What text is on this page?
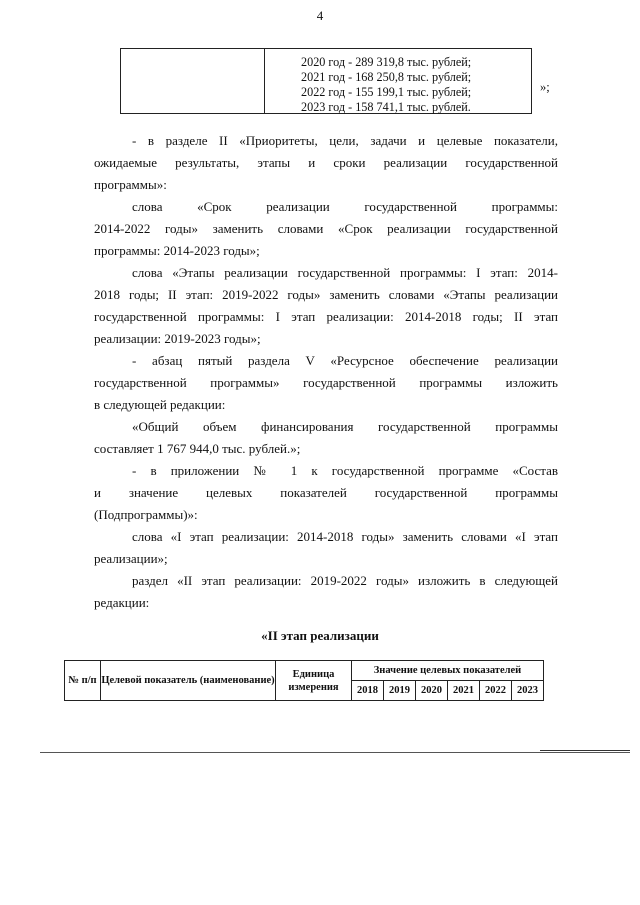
4
2020 год - 289 319,8 тыс. рублей;
2021 год - 168 250,8 тыс. рублей;
2022 год - 155 199,1 тыс. рублей;
2023 год - 158 741,1 тыс. рублей.
»;
- в разделе II «Приоритеты, цели, задачи и целевые показатели,
ожидаемые результаты, этапы и сроки реализации государственной
программы»:
слова «Срок реализации государственной программы:
2014-2022 годы» заменить словами «Срок реализации государственной
программы: 2014-2023 годы»;
слова «Этапы реализации государственной программы: I этап: 2014-
2018 годы; II этап: 2019-2022 годы» заменить словами «Этапы реализации
государственной программы: I этап реализации: 2014-2018 годы; II этап
реализации: 2019-2023 годы»;
- абзац пятый раздела V «Ресурсное обеспечение реализации
государственной программы» государственной программы изложить
в следующей редакции:
«Общий объем финансирования государственной программы
составляет 1 767 944,0 тыс. рублей.»;
- в приложении № 1 к государственной программе «Состав
и значение целевых показателей государственной программы
(Подпрограммы)»:
слова «I этап реализации: 2014-2018 годы» заменить словами «I этап
реализации»;
раздел «II этап реализации: 2019-2022 годы» изложить в следующей
редакции:
«II этап реализации
№ п/п	Целевой показатель (наименование)	Единица измерения	Значение целевых показателей					
			2018	2019	2020	2021	2022	2023
